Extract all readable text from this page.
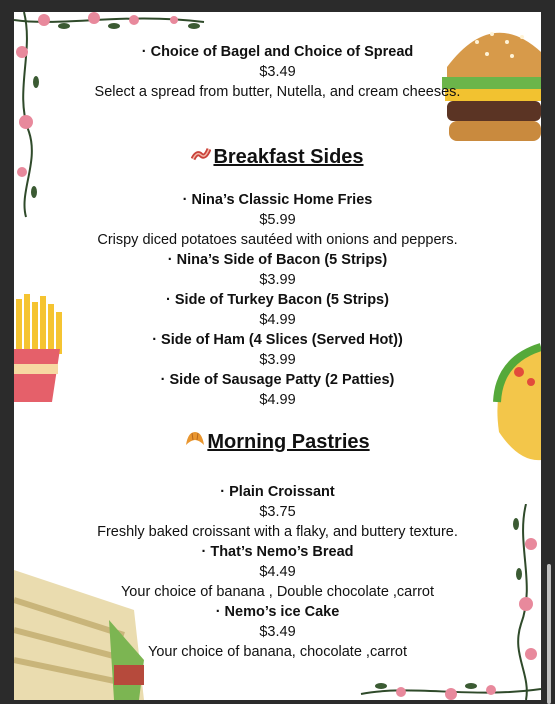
· Choice of Bagel and Choice of Spread
$3.49
Select a spread from butter, Nutella, and cream cheeses.
Breakfast Sides
· Nina’s Classic Home Fries
$5.99
Crispy diced potatoes sautéed with onions and peppers.
· Nina’s Side of Bacon (5 Strips)
$3.99
· Side of Turkey Bacon (5 Strips)
$4.99
· Side of Ham (4 Slices (Served Hot))
$3.99
· Side of Sausage Patty (2 Patties)
$4.99
Morning Pastries
· Plain Croissant
$3.75
Freshly baked croissant with a flaky, and buttery texture.
· That’s Nemo’s Bread
$4.49
Your choice of banana , Double chocolate ,carrot
· Nemo’s ice Cake
$3.49
Your choice of banana, chocolate ,carrot
